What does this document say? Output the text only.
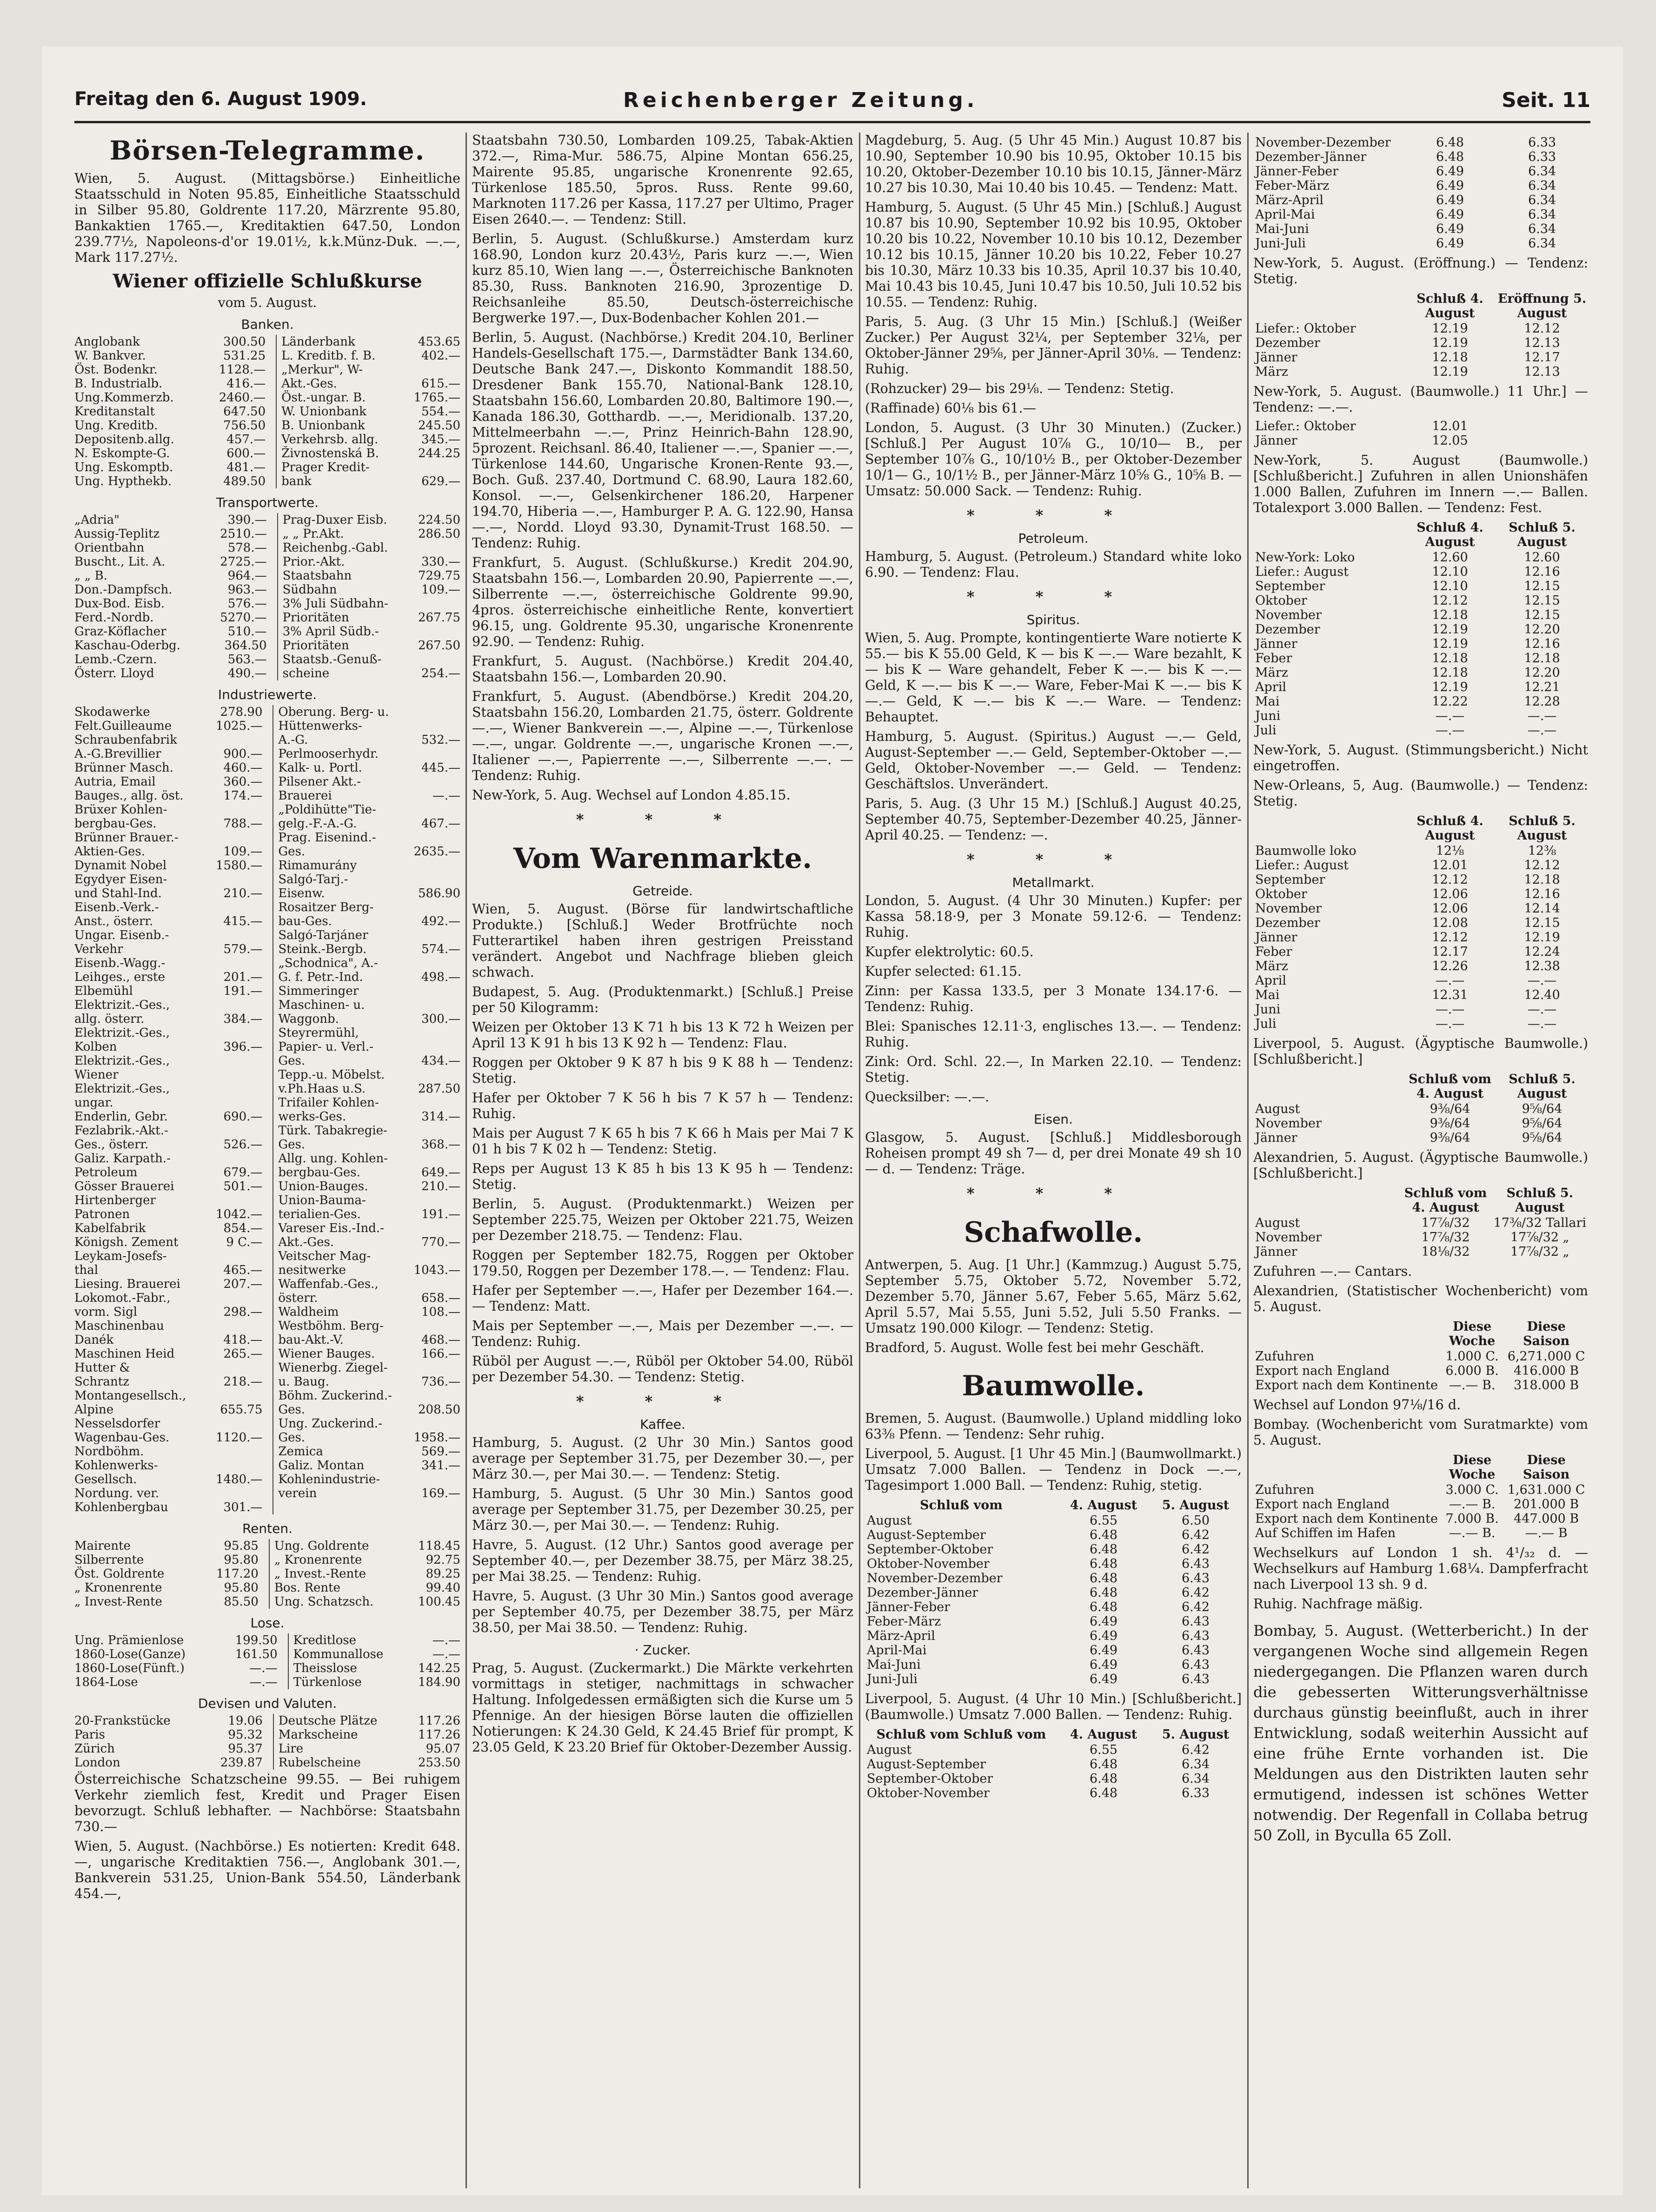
Freitag den 6. August 1909.	Reichenberger Zeitung.	Seit. 11
Börsen-Telegramme.

Wien, 5. August. (Mittagsbörse.) Einheitliche Staatsschuld in Noten 95.85, Einheitliche Staatsschuld in Silber 95.80, Goldrente 117.20, Märzrente 95.80, Bankaktien 1765.—, Kreditaktien 647.50, London 239.77½, Napoleons-d'or 19.01½, k.k.Münz-Duk. —.—, Mark 117.27½.

Wiener offizielle Schlußkurse
vom 5. August.
Banken.
Anglobank	300.50	Länderbank	453.65
W. Bankver.	531.25	L. Kreditb. f. B.	402.—
Öst. Bodenkr.	1128.—	„Merkur", W-	
B. Industrialb.	416.—	Akt.-Ges.	615.—
Ung.Kommerzb.	2460.—	Öst.-ungar. B.	1765.—
Kreditanstalt	647.50	W. Unionbank	554.—
Ung. Kreditb.	756.50	B. Unionbank	245.50
Depositenb.allg.	457.—	Verkehrsb. allg.	345.—
N. Eskompte-G.	600.—	Živnostenská B.	244.25
Ung. Eskomptb.	481.—	Prager Kredit-	
Ung. Hypthekb.	489.50	bank	629.—
Transportwerte.
„Adria"	390.—	Prag-Duxer Eisb.	224.50
Aussig-Teplitz	2510.—	„ „ Pr.Akt.	286.50
Orientbahn	578.—	Reichenbg.-Gabl.	
Buscht., Lit. A.	2725.—	Prior.-Akt.	330.—
„ „ B.	964.—	Staatsbahn	729.75
Don.-Dampfsch.	963.—	Südbahn	109.—
Dux-Bod. Eisb.	576.—	3% Juli Südbahn-	
Ferd.-Nordb.	5270.—	Prioritäten	267.75
Graz-Köflacher	510.—	3% April Südb.-	
Kaschau-Oderbg.	364.50	Prioritäten	267.50
Lemb.-Czern.	563.—	Staatsb.-Genuß-	
Österr. Lloyd	490.—	scheine	254.—
Industriewerte.
Skodawerke	278.90	Oberung. Berg- u.	
Felt.Guilleaume	1025.—	Hüttenwerks-	
Schraubenfabrik		A.-G.	532.—
A.-G.Brevillier	900.—	Perlmooserhydr.	
Brünner Masch.	460.—	Kalk- u. Portl.	445.—
Autria, Email	360.—	Pilsener Akt.-	
Bauges., allg. öst.	174.—	Brauerei	—.—
Brüxer Kohlen-		„Poldihütte"Tie-	
bergbau-Ges.	788.—	gelg.-F.-A.-G.	467.—
Brünner Brauer.-		Prag. Eisenind.-	
Aktien-Ges.	109.—	Ges.	2635.—
Dynamit Nobel	1580.—	Rimamurány	
Egydyer Eisen-		Salgó-Tarj.-	
und Stahl-Ind.	210.—	Eisenw.	586.90
Eisenb.-Verk.-		Rosaitzer Berg-	
Anst., österr.	415.—	bau-Ges.	492.—
Ungar. Eisenb.-		Salgó-Tarjáner	
Verkehr	579.—	Steink.-Bergb.	574.—
Eisenb.-Wagg.-		„Schodnica", A.-	
Leihges., erste	201.—	G. f. Petr.-Ind.	498.—
Elbemühl	191.—	Simmeringer	
Elektrizit.-Ges.,		Maschinen- u.	
allg. österr.	384.—	Waggonb.	300.—
Elektrizit.-Ges.,		Steyrermühl,	
Kolben	396.—	Papier- u. Verl.-	
Elektrizit.-Ges.,		Ges.	434.—
Wiener		Tepp.-u. Möbelst.	
Elektrizit.-Ges.,		v.Ph.Haas u.S.	287.50
ungar.		Trifailer Kohlen-	
Enderlin, Gebr.	690.—	werks-Ges.	314.—
Fezlabrik.-Akt.-		Türk. Tabakregie-	
Ges., österr.	526.—	Ges.	368.—
Galiz. Karpath.-		Allg. ung. Kohlen-	
Petroleum	679.—	bergbau-Ges.	649.—
Gösser Brauerei	501.—	Union-Bauges.	210.—
Hirtenberger		Union-Bauma-	
Patronen	1042.—	terialien-Ges.	191.—
Kabelfabrik	854.—	Vareser Eis.-Ind.-	
Königsh. Zement	9 C.—	Akt.-Ges.	770.—
Leykam-Josefs-		Veitscher Mag-	
thal	465.—	nesitwerke	1043.—
Liesing. Brauerei	207.—	Waffenfab.-Ges.,	
Lokomot.-Fabr.,		österr.	658.—
vorm. Sigl	298.—	Waldheim	108.—
Maschinenbau		Westböhm. Berg-	
Danék	418.—	bau-Akt.-V.	468.—
Maschinen Heid	265.—	Wiener Bauges.	166.—
Hutter &		Wienerbg. Ziegel-	
Schrantz	218.—	u. Baug.	736.—
Montangesellsch.,		Böhm. Zuckerind.-	
Alpine	655.75	Ges.	208.50
Nesselsdorfer		Ung. Zuckerind.-	
Wagenbau-Ges.	1120.—	Ges.	1958.—
Nordböhm.		Zemica	569.—
Kohlenwerks-		Galiz. Montan	341.—
Gesellsch.	1480.—	Kohlenindustrie-	
Nordung. ver.		verein	169.—
Kohlenbergbau	301.—		
Renten.
Mairente	95.85	Ung. Goldrente	118.45
Silberrente	95.80	„ Kronenrente	92.75
Öst. Goldrente	117.20	„ Invest.-Rente	89.25
„ Kronenrente	95.80	Bos. Rente	99.40
„ Invest-Rente	85.50	Ung. Schatzsch.	100.45
Lose.
Ung. Prämienlose	199.50	Kreditlose	—.—
1860-Lose(Ganze)	161.50	Kommunallose	—.—
1860-Lose(Fünft.)	—.—	Theisslose	142.25
1864-Lose	—.—	Türkenlose	184.90
Devisen und Valuten.
20-Frankstücke	19.06	Deutsche Plätze	117.26
Paris	95.32	Markscheine	117.26
Zürich	95.37	Lire	95.07
London	239.87	Rubelscheine	253.50

Österreichische Schatzscheine 99.55. — Bei ruhigem Verkehr ziemlich fest, Kredit und Prager Eisen bevorzugt. Schluß lebhafter. — Nachbörse: Staatsbahn 730.—

Wien, 5. August. (Nachbörse.) Es notierten: Kredit 648.—, ungarische Kreditaktien 756.—, Anglobank 301.—, Bankverein 531.25, Union-Bank 554.50, Länderbank 454.—,

Staatsbahn 730.50, Lombarden 109.25, Tabak-Aktien 372.—, Rima-Mur. 586.75, Alpine Montan 656.25, Mairente 95.85, ungarische Kronenrente 92.65, Türkenlose 185.50, 5pros. Russ. Rente 99.60, Marknoten 117.26 per Kassa, 117.27 per Ultimo, Prager Eisen 2640.—. — Tendenz: Still.

Berlin, 5. August. (Schlußkurse.) Amsterdam kurz 168.90, London kurz 20.43½, Paris kurz —.—, Wien kurz 85.10, Wien lang —.—, Österreichische Banknoten 85.30, Russ. Banknoten 216.90, 3prozentige D. Reichsanleihe 85.50, Deutsch-österreichische Bergwerke 197.—, Dux-Bodenbacher Kohlen 201.—

Berlin, 5. August. (Nachbörse.) Kredit 204.10, Berliner Handels-Gesellschaft 175.—, Darmstädter Bank 134.60, Deutsche Bank 247.—, Diskonto Kommandit 188.50, Dresdener Bank 155.70, National-Bank 128.10, Staatsbahn 156.60, Lombarden 20.80, Baltimore 190.—, Kanada 186.30, Gotthardb. —.—, Meridionalb. 137.20, Mittelmeerbahn —.—, Prinz Heinrich-Bahn 128.90, 5prozent. Reichsanl. 86.40, Italiener —.—, Spanier —.—, Türkenlose 144.60, Ungarische Kronen-Rente 93.—, Boch. Guß. 237.40, Dortmund C. 68.90, Laura 182.60, Konsol. —.—, Gelsenkirchener 186.20, Harpener 194.70, Hiberia —.—, Hamburger P. A. G. 122.90, Hansa —.—, Nordd. Lloyd 93.30, Dynamit-Trust 168.50. — Tendenz: Ruhig.

Frankfurt, 5. August. (Schlußkurse.) Kredit 204.90, Staatsbahn 156.—, Lombarden 20.90, Papierrente —.—, Silberrente —.—, österreichische Goldrente 99.90, 4pros. österreichische einheitliche Rente, konvertiert 96.15, ung. Goldrente 95.30, ungarische Kronenrente 92.90. — Tendenz: Ruhig.

Frankfurt, 5. August. (Nachbörse.) Kredit 204.40, Staatsbahn 156.—, Lombarden 20.90.

Frankfurt, 5. August. (Abendbörse.) Kredit 204.20, Staatsbahn 156.20, Lombarden 21.75, österr. Goldrente —.—, Wiener Bankverein —.—, Alpine —.—, Türkenlose —.—, ungar. Goldrente —.—, ungarische Kronen —.—, Italiener —.—, Papierrente —.—, Silberrente —.—. — Tendenz: Ruhig.

New-York, 5. Aug. Wechsel auf London 4.85.15.

* * *
Vom Warenmarkte.
Getreide.

Wien, 5. August. (Börse für landwirtschaftliche Produkte.) [Schluß.] Weder Brotfrüchte noch Futterartikel haben ihren gestrigen Preisstand verändert. Angebot und Nachfrage blieben gleich schwach.

Budapest, 5. Aug. (Produktenmarkt.) [Schluß.] Preise per 50 Kilogramm:

Weizen per Oktober 13 K 71 h bis 13 K 72 h Weizen per April 13 K 91 h bis 13 K 92 h — Tendenz: Flau.

Roggen per Oktober 9 K 87 h bis 9 K 88 h — Tendenz: Stetig.

Hafer per Oktober 7 K 56 h bis 7 K 57 h — Tendenz: Ruhig.

Mais per August 7 K 65 h bis 7 K 66 h Mais per Mai 7 K 01 h bis 7 K 02 h — Tendenz: Stetig.

Reps per August 13 K 85 h bis 13 K 95 h — Tendenz: Stetig.

Berlin, 5. August. (Produktenmarkt.) Weizen per September 225.75, Weizen per Oktober 221.75, Weizen per Dezember 218.75. — Tendenz: Flau.

Roggen per September 182.75, Roggen per Oktober 179.50, Roggen per Dezember 178.—. — Tendenz: Flau.

Hafer per September —.—, Hafer per Dezember 164.—. — Tendenz: Matt.

Mais per September —.—, Mais per Dezember —.—. — Tendenz: Ruhig.

Rüböl per August —.—, Rüböl per Oktober 54.00, Rüböl per Dezember 54.30. — Tendenz: Stetig.

* * *
Kaffee.

Hamburg, 5. August. (2 Uhr 30 Min.) Santos good average per September 31.75, per Dezember 30.—, per März 30.—, per Mai 30.—. — Tendenz: Stetig.

Hamburg, 5. August. (5 Uhr 30 Min.) Santos good average per September 31.75, per Dezember 30.25, per März 30.—, per Mai 30.—. — Tendenz: Ruhig.

Havre, 5. August. (12 Uhr.) Santos good average per September 40.—, per Dezember 38.75, per März 38.25, per Mai 38.25. — Tendenz: Ruhig.

Havre, 5. August. (3 Uhr 30 Min.) Santos good average per September 40.75, per Dezember 38.75, per März 38.50, per Mai 38.50. — Tendenz: Ruhig.

· Zucker.

Prag, 5. August. (Zuckermarkt.) Die Märkte verkehrten vormittags in stetiger, nachmittags in schwacher Haltung. Infolgedessen ermäßigten sich die Kurse um 5 Pfennige. An der hiesigen Börse lauten die offiziellen Notierungen: K 24.30 Geld, K 24.45 Brief für prompt, K 23.05 Geld, K 23.20 Brief für Oktober-Dezember Aussig.

Magdeburg, 5. Aug. (5 Uhr 45 Min.) August 10.87 bis 10.90, September 10.90 bis 10.95, Oktober 10.15 bis 10.20, Oktober-Dezember 10.10 bis 10.15, Jänner-März 10.27 bis 10.30, Mai 10.40 bis 10.45. — Tendenz: Matt.

Hamburg, 5. August. (5 Uhr 45 Min.) [Schluß.] August 10.87 bis 10.90, September 10.92 bis 10.95, Oktober 10.20 bis 10.22, November 10.10 bis 10.12, Dezember 10.12 bis 10.15, Jänner 10.20 bis 10.22, Feber 10.27 bis 10.30, März 10.33 bis 10.35, April 10.37 bis 10.40, Mai 10.43 bis 10.45, Juni 10.47 bis 10.50, Juli 10.52 bis 10.55. — Tendenz: Ruhig.

Paris, 5. Aug. (3 Uhr 15 Min.) [Schluß.] (Weißer Zucker.) Per August 32¼, per September 32⅛, per Oktober-Jänner 29⅝, per Jänner-April 30⅛. — Tendenz: Ruhig.

(Rohzucker) 29— bis 29⅛. — Tendenz: Stetig.

(Raffinade) 60⅛ bis 61.—

London, 5. August. (3 Uhr 30 Minuten.) (Zucker.) [Schluß.] Per August 10⅞ G., 10/10— B., per September 10⅞ G., 10/10½ B., per Oktober-Dezember 10/1— G., 10/1½ B., per Jänner-März 10⅝ G., 10⅝ B. — Umsatz: 50.000 Sack. — Tendenz: Ruhig.

* * *
Petroleum.

Hamburg, 5. August. (Petroleum.) Standard white loko 6.90. — Tendenz: Flau.

* * *
Spiritus.

Wien, 5. Aug. Prompte, kontingentierte Ware notierte K 55.— bis K 55.00 Geld, K — bis K —.— Ware bezahlt, K — bis K — Ware gehandelt, Feber K —.— bis K —.— Geld, K —.— bis K —.— Ware, Feber-Mai K —.— bis K —.— Geld, K —.— bis K —.— Ware. — Tendenz: Behauptet.

Hamburg, 5. August. (Spiritus.) August —.— Geld, August-September —.— Geld, September-Oktober —.— Geld, Oktober-November —.— Geld. — Tendenz: Geschäftslos. Unverändert.

Paris, 5. Aug. (3 Uhr 15 M.) [Schluß.] August 40.25, September 40.75, September-Dezember 40.25, Jänner-April 40.25. — Tendenz: —.

* * *
Metallmarkt.

London, 5. August. (4 Uhr 30 Minuten.) Kupfer: per Kassa 58.18·9, per 3 Monate 59.12·6. — Tendenz: Ruhig.

Kupfer elektrolytic: 60.5.

Kupfer selected: 61.15.

Zinn: per Kassa 133.5, per 3 Monate 134.17·6. — Tendenz: Ruhig.

Blei: Spanisches 12.11·3, englisches 13.—. — Tendenz: Ruhig.

Zink: Ord. Schl. 22.—, In Marken 22.10. — Tendenz: Stetig.

Quecksilber: —.—.

Eisen.

Glasgow, 5. August. [Schluß.] Middlesborough Roheisen prompt 49 sh 7— d, per drei Monate 49 sh 10— d. — Tendenz: Träge.

* * *
Schafwolle.

Antwerpen, 5. Aug. [1 Uhr.] (Kammzug.) August 5.75, September 5.75, Oktober 5.72, November 5.72, Dezember 5.70, Jänner 5.67, Feber 5.65, März 5.62, April 5.57, Mai 5.55, Juni 5.52, Juli 5.50 Franks. — Umsatz 190.000 Kilogr. — Tendenz: Stetig.

Bradford, 5. August. Wolle fest bei mehr Geschäft.

Baumwolle.

Bremen, 5. August. (Baumwolle.) Upland middling loko 63⅜ Pfenn. — Tendenz: Sehr ruhig.

Liverpool, 5. August. [1 Uhr 45 Min.] (Baumwollmarkt.) Umsatz 7.000 Ballen. — Tendenz in Dock —.—, Tagesimport 1.000 Ball. — Tendenz: Ruhig, stetig.

Schluß vom	4. August	5. August
August	6.55	6.50
August-September	6.48	6.42
September-Oktober	6.48	6.42
Oktober-November	6.48	6.43
November-Dezember	6.48	6.43
Dezember-Jänner	6.48	6.42
Jänner-Feber	6.48	6.42
Feber-März	6.49	6.43
März-April	6.49	6.43
April-Mai	6.49	6.43
Mai-Juni	6.49	6.43
Juni-Juli	6.49	6.43

Liverpool, 5. August. (4 Uhr 10 Min.) [Schlußbericht.] (Baumwolle.) Umsatz 7.000 Ballen. — Tendenz: Ruhig.

Schluß vom Schluß vom	4. August	5. August
August	6.55	6.42
August-September	6.48	6.34
September-Oktober	6.48	6.34
Oktober-November	6.48	6.33
November-Dezember	6.48	6.33
Dezember-Jänner	6.48	6.33
Jänner-Feber	6.49	6.34
Feber-März	6.49	6.34
März-April	6.49	6.34
April-Mai	6.49	6.34
Mai-Juni	6.49	6.34
Juni-Juli	6.49	6.34

New-York, 5. August. (Eröffnung.) — Tendenz: Stetig.

	Schluß 4. August	Eröffnung 5. August
Liefer.: Oktober	12.19	12.12
Dezember	12.19	12.13
Jänner	12.18	12.17
März	12.19	12.13

New-York, 5. August. (Baumwolle.) 11 Uhr.] — Tendenz: —.—.

Liefer.: Oktober	12.01	
Jänner	12.05	

New-York, 5. August (Baumwolle.) [Schlußbericht.] Zufuhren in allen Unionshäfen 1.000 Ballen, Zufuhren im Innern —.— Ballen. Totalexport 3.000 Ballen. — Tendenz: Fest.

	Schluß 4. August	Schluß 5. August
New-York: Loko	12.60	12.60
Liefer.: August	12.10	12.16
September	12.10	12.15
Oktober	12.12	12.15
November	12.18	12.15
Dezember	12.19	12.20
Jänner	12.19	12.16
Feber	12.18	12.18
März	12.18	12.20
April	12.19	12.21
Mai	12.22	12.28
Juni	—.—	—.—
Juli	—.—	—.—

New-York, 5. August. (Stimmungsbericht.) Nicht eingetroffen.

New-Orleans, 5, Aug. (Baumwolle.) — Tendenz: Stetig.

	Schluß 4. August	Schluß 5. August
Baumwolle loko	12⅛	12⅜
Liefer.: August	12.01	12.12
September	12.12	12.18
Oktober	12.06	12.16
November	12.06	12.14
Dezember	12.08	12.15
Jänner	12.12	12.19
Feber	12.17	12.24
März	12.26	12.38
April	—.—	—.—
Mai	12.31	12.40
Juni	—.—	—.—
Juli	—.—	—.—

Liverpool, 5. August. (Ägyptische Baumwolle.) [Schlußbericht.]

	Schluß vom 4. August	Schluß 5. August
August	9⅜/64	9⅝/64
November	9⅜/64	9⅝/64
Jänner	9⅜/64	9⅝/64

Alexandrien, 5. August. (Ägyptische Baumwolle.) [Schlußbericht.]

	Schluß vom 4. August	Schluß 5. August
August	17⅞/32	17⅜/32 Tallari
November	17⅞/32	17⅞/32 „
Jänner	18⅛/32	17⅞/32 „

Zufuhren —.— Cantars.

Alexandrien, (Statistischer Wochenbericht) vom 5. August.

	Diese Woche	Diese Saison
Zufuhren	1.000 C.	6,271.000 C
Export nach England	6.000 B.	416.000 B
Export nach dem Kontinente	—.— B.	318.000 B

Wechsel auf London 97⅛/16 d.

Bombay. (Wochenbericht vom Suratmarkte) vom 5. August.

	Diese Woche	Diese Saison
Zufuhren	3.000 C.	1,631.000 C
Export nach England	—.— B.	201.000 B
Export nach dem Kontinente	7.000 B.	447.000 B
Auf Schiffen im Hafen	—.— B.	—.— B

Wechselkurs auf London 1 sh. 4¹/₃₂ d. — Wechselkurs auf Hamburg 1.68¼. Dampferfracht nach Liverpool 13 sh. 9 d.

Ruhig. Nachfrage mäßig.

Bombay, 5. August. (Wetterbericht.) In der vergangenen Woche sind allgemein Regen niedergegangen. Die Pflanzen waren durch die gebesserten Witterungsverhältnisse durchaus günstig beeinflußt, auch in ihrer Entwicklung, sodaß weiterhin Aussicht auf eine frühe Ernte vorhanden ist. Die Meldungen aus den Distrikten lauten sehr ermutigend, indessen ist schönes Wetter notwendig. Der Regenfall in Collaba betrug 50 Zoll, in Byculla 65 Zoll.
